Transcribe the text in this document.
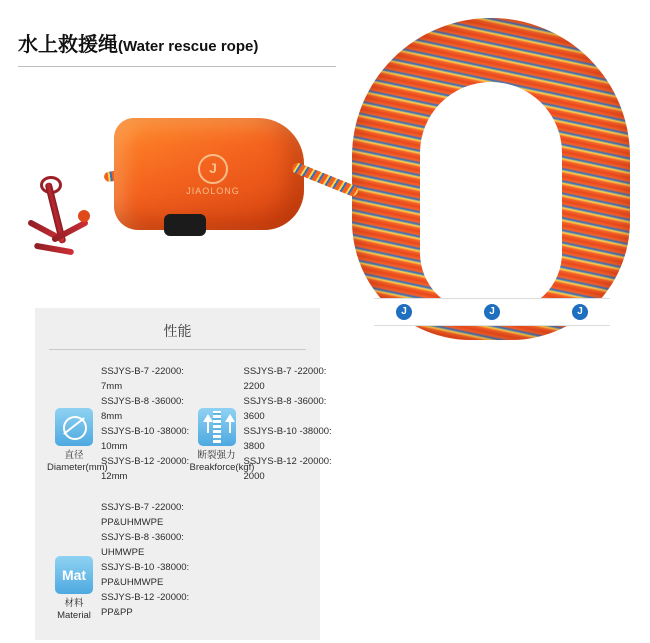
水上救援绳(Water rescue rope)
J	J	J
J
JIAOLONG
性能
直径
Diameter(mm)
SSJYS-B-7 -22000:
7mm
SSJYS-B-8 -36000:
8mm
SSJYS-B-10 -38000:
10mm
SSJYS-B-12 -20000:
12mm
断裂强力
Breakforce(kgf)
SSJYS-B-7 -22000:
2200
SSJYS-B-8 -36000:
3600
SSJYS-B-10 -38000:
3800
SSJYS-B-12 -20000:
2000
Mat
材料
Material
SSJYS-B-7 -22000:
PP&UHMWPE
SSJYS-B-8 -36000:
UHMWPE
SSJYS-B-10 -38000:
PP&UHMWPE
SSJYS-B-12 -20000:
PP&PP
